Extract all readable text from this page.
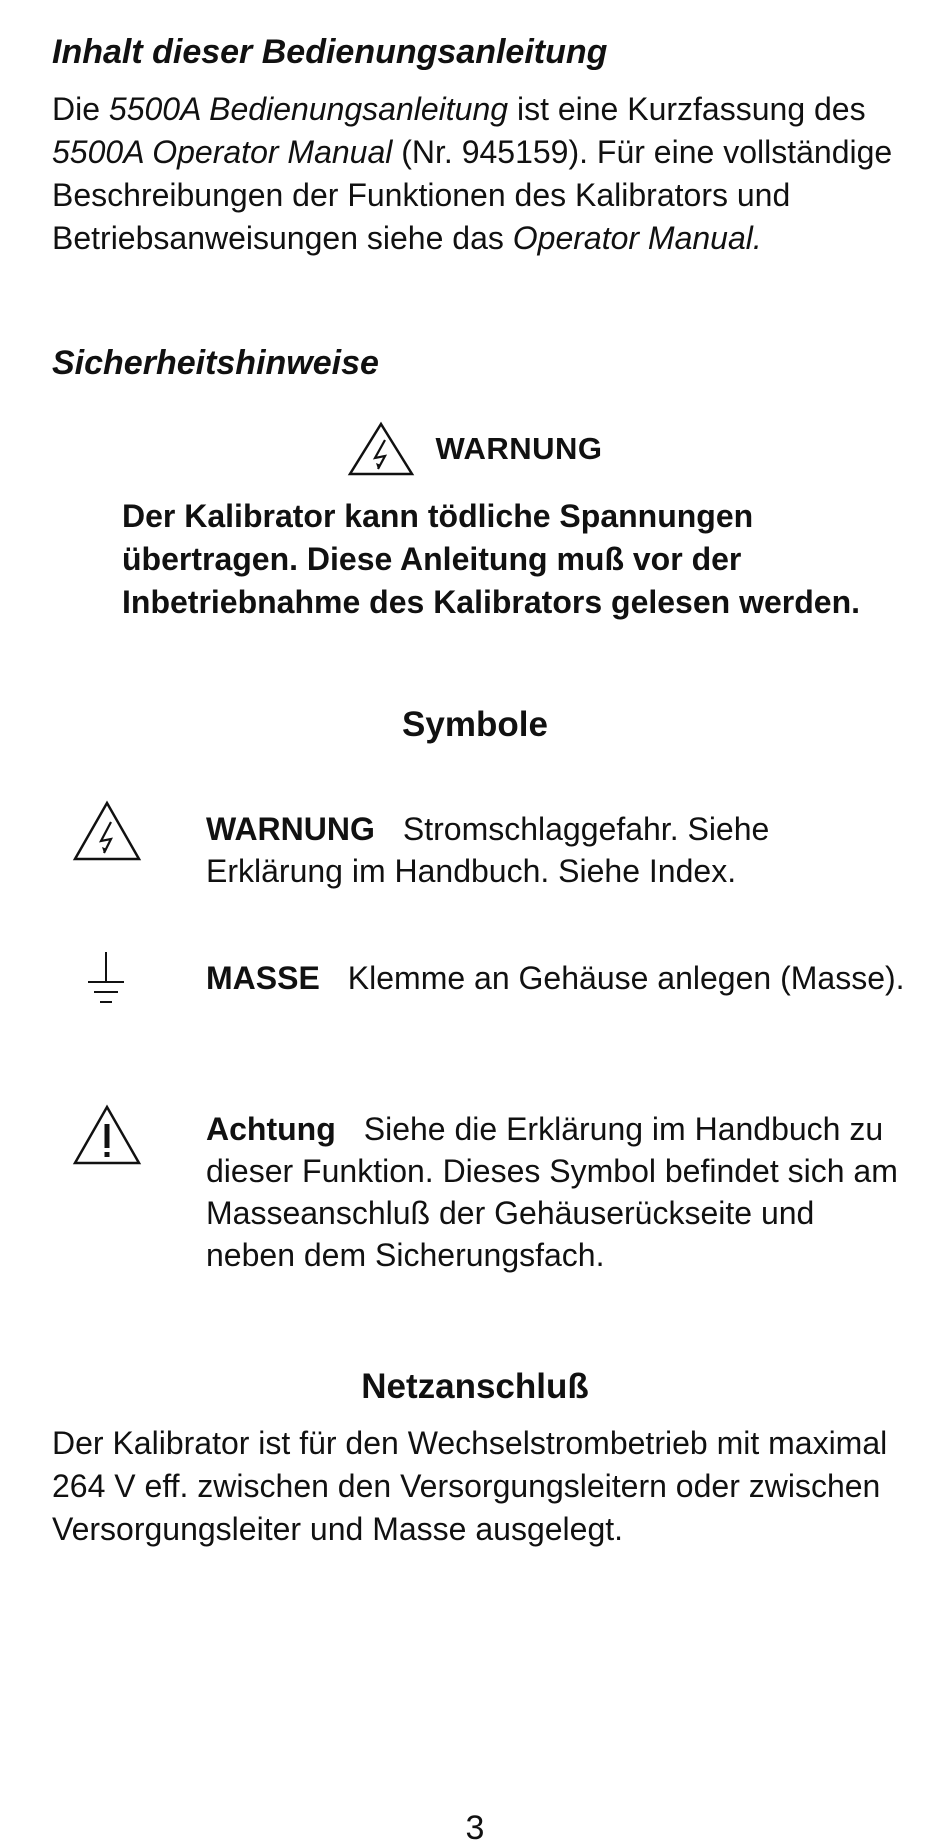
Inhalt dieser Bedienungsanleitung

Die 5500A Bedienungsanleitung ist eine Kurzfassung des 5500A Operator Manual (Nr. 945159). Für eine vollständige Beschreibungen der Funktionen des Kalibrators und Betriebsanweisungen siehe das Operator Manual.

Sicherheitshinweise
WARNUNG

Der Kalibrator kann tödliche Spannungen übertragen. Diese Anleitung muß vor der Inbetriebnahme des Kalibrators gelesen werden.

Symbole

WARNUNG Stromschlaggefahr. Siehe Erklärung im Handbuch. Siehe Index.

MASSE Klemme an Gehäuse anlegen (Masse).

Achtung Siehe die Erklärung im Handbuch zu dieser Funktion. Dieses Symbol befindet sich am Masseanschluß der Gehäuserückseite und neben dem Sicherungsfach.

Netzanschluß

Der Kalibrator ist für den Wechselstrombetrieb mit maximal 264 V eff. zwischen den Versorgungsleitern oder zwischen Versorgungsleiter und Masse ausgelegt.

3
